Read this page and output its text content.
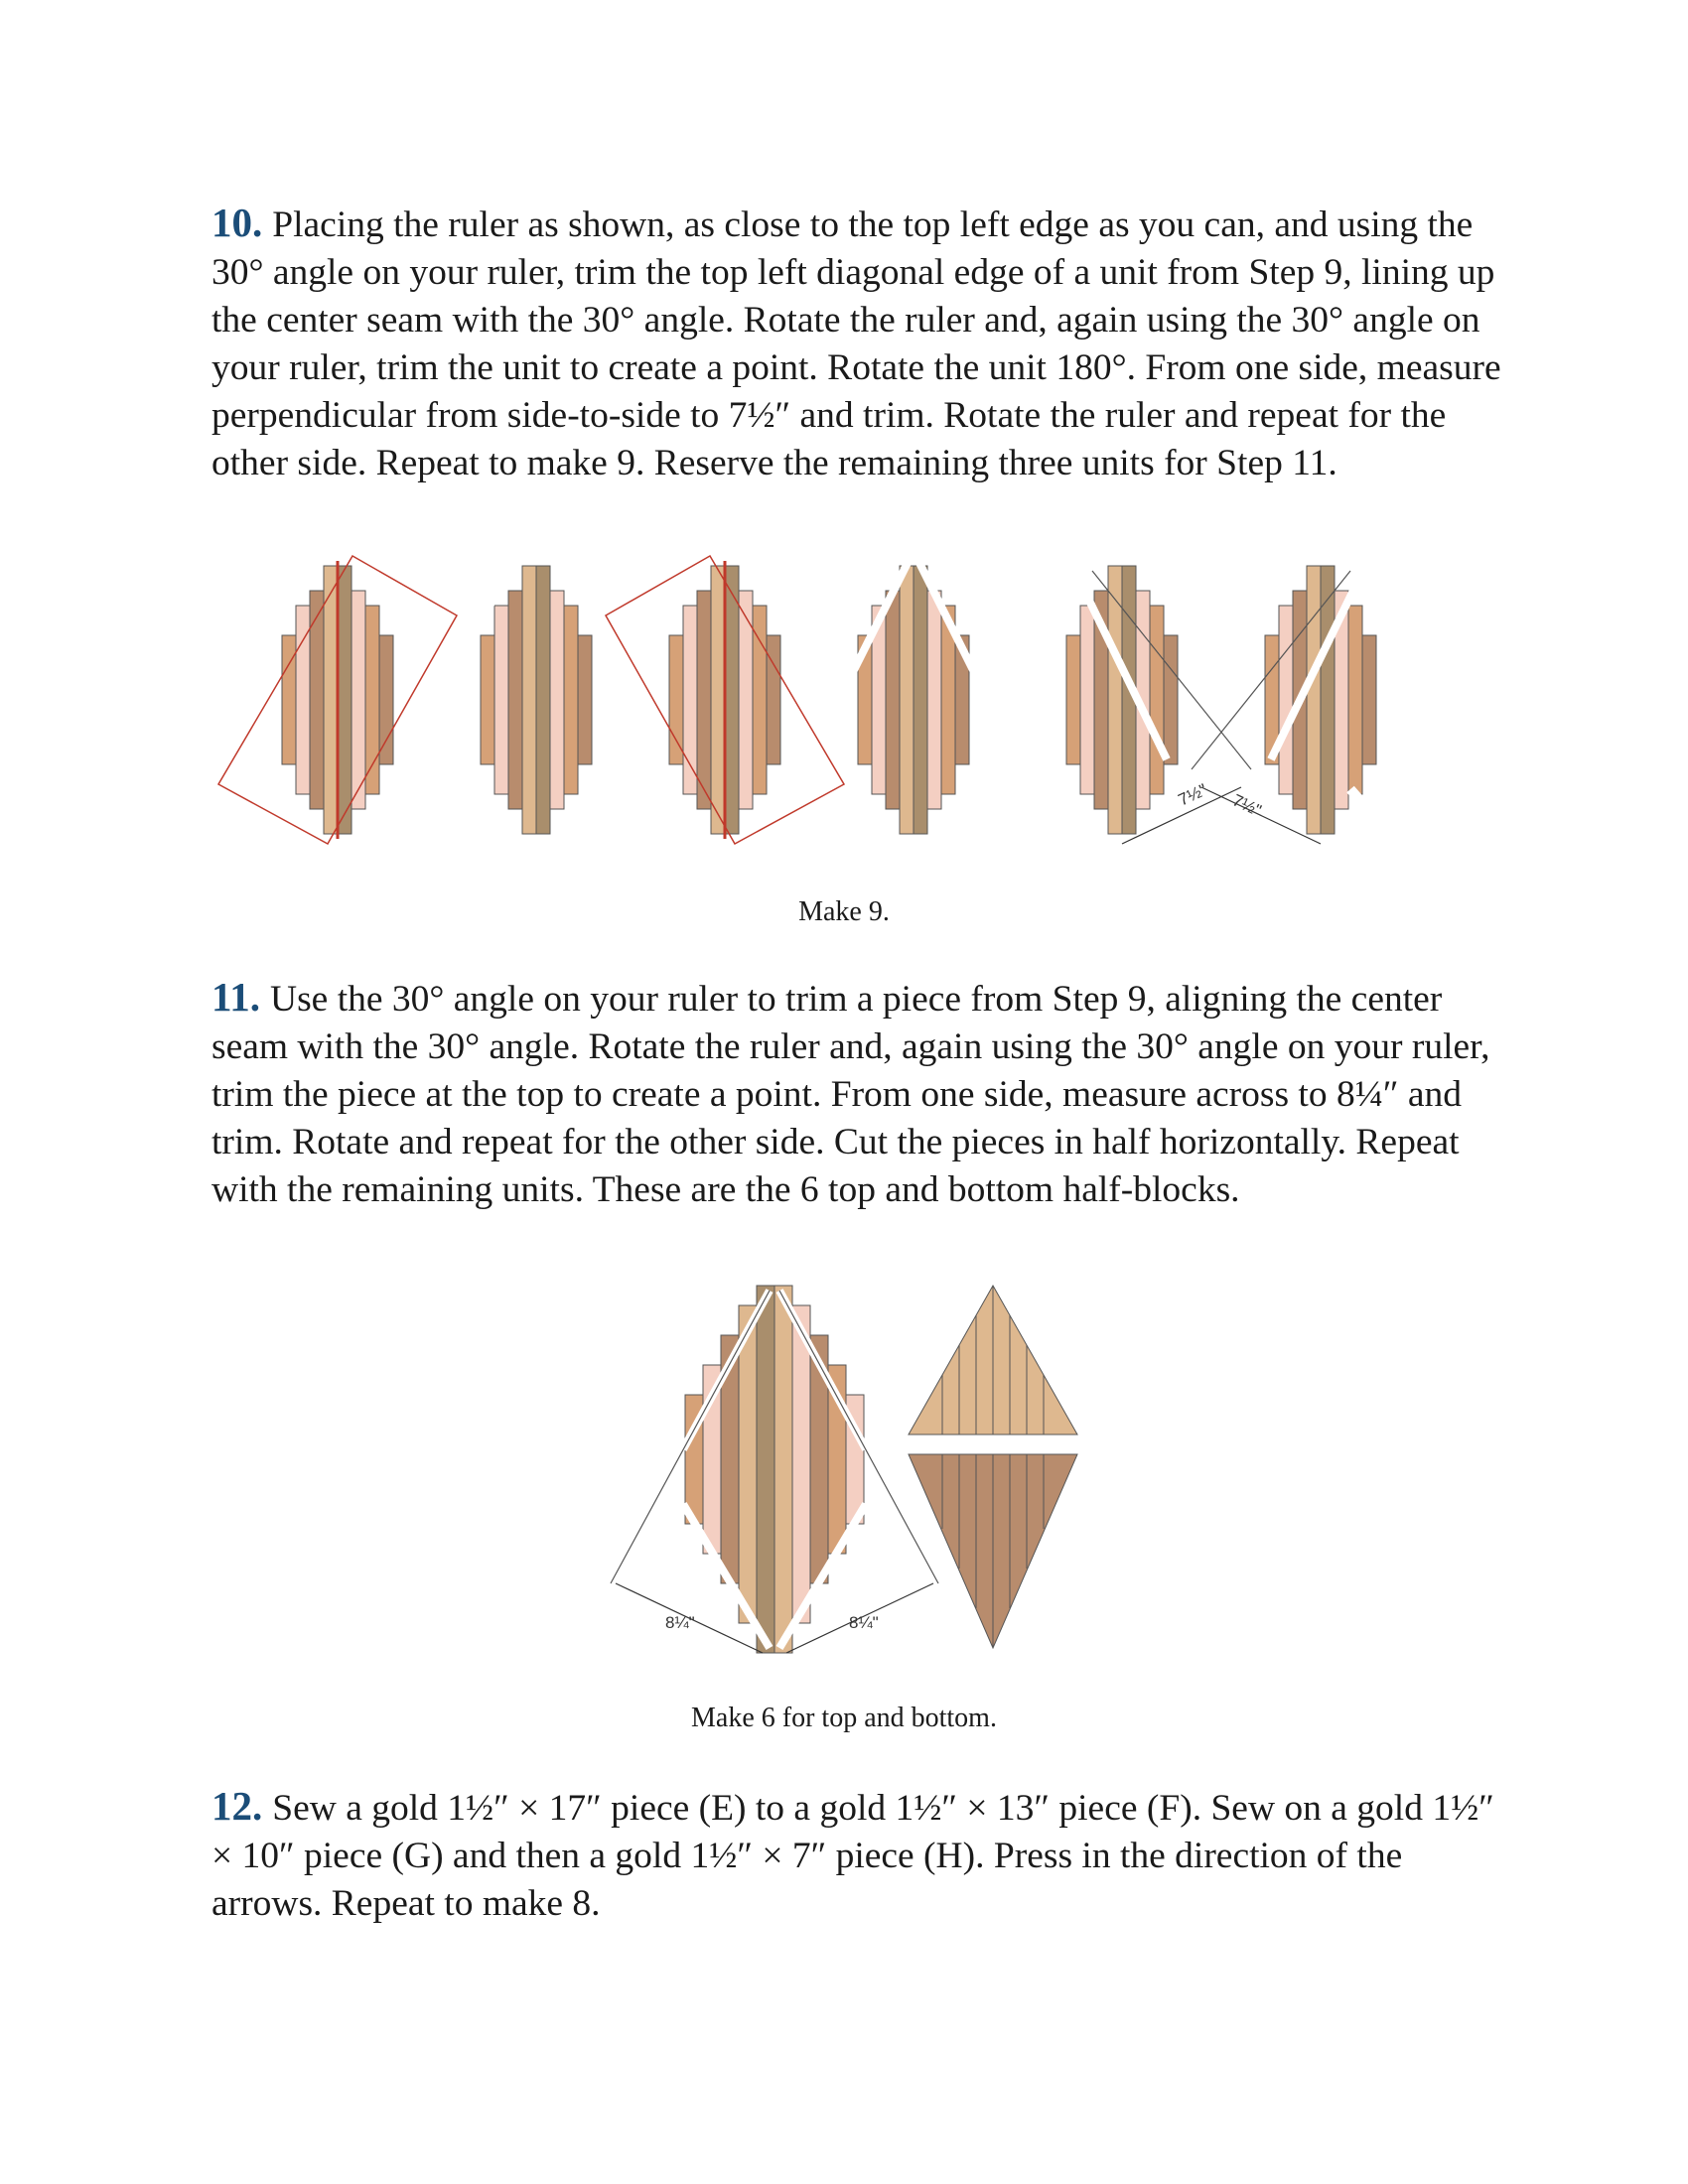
10. Placing the ruler as shown, as close to the top left edge as you can, and using the 30° angle on your ruler, trim the top left diagonal edge of a unit from Step 9, lining up the center seam with the 30° angle. Rotate the ruler and, again using the 30° angle on your ruler, trim the unit to create a point. Rotate the unit 180°. From one side, measure perpendicular from side-to-side to 7½″ and trim. Rotate the ruler and repeat for the other side. Repeat to make 9. Reserve the remaining three units for Step 11.
7½" 7½"
Make 9.
11. Use the 30° angle on your ruler to trim a piece from Step 9, aligning the center seam with the 30° angle. Rotate the ruler and, again using the 30° angle on your ruler, trim the piece at the top to create a point. From one side, measure across to 8¼″ and trim. Rotate and repeat for the other side. Cut the pieces in half horizontally. Repeat with the remaining units. These are the 6 top and bottom half-blocks.
8¼"	8¼"
Make 6 for top and bottom.
12. Sew a gold 1½″ × 17″ piece (E) to a gold 1½″ × 13″ piece (F). Sew on a gold 1½″ × 10″ piece (G) and then a gold 1½″ × 7″ piece (H). Press in the direction of the arrows. Repeat to make 8.
